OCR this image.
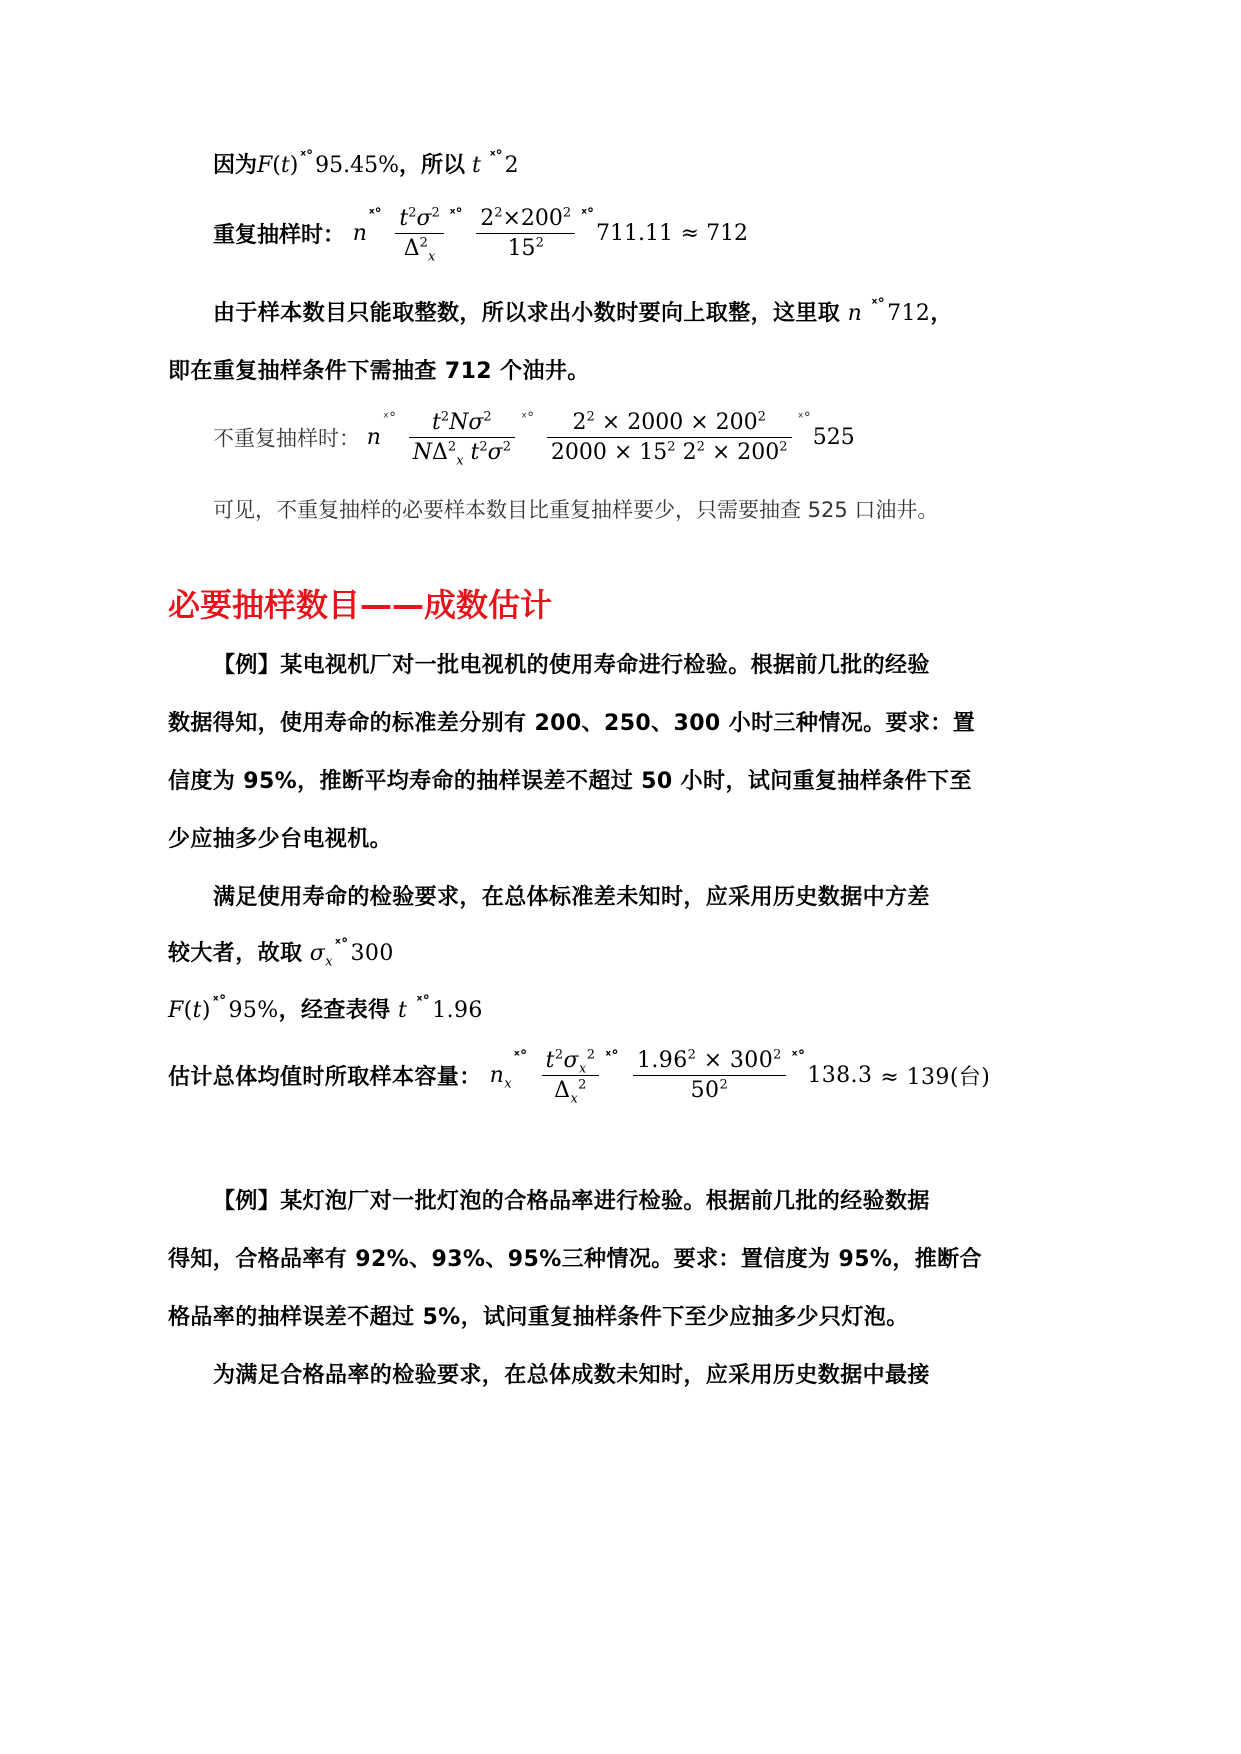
因为F(t) $^{ˣ^\circ}$95.45%，所以 t $^{ˣ^\circ}$2
重复抽样时： $n^{ˣ^\circ} \frac{t^2\sigma^2}{\Delta^2_x} ^{ˣ^\circ} \frac{2^2\times 200^2}{15^2} ^{ˣ^\circ}711.11 \approx 712$
由于样本数目只能取整数，所以求出小数时要向上取整，这里取 n $^{ˣ^\circ}$712，
即在重复抽样条件下需抽查 712 个油井。
不重复抽样时： $n^{ˣ^\circ} \frac{t^2N\sigma^2}{N\Delta^2_x t^2\sigma^2} ^{ˣ^\circ} \frac{2^2 \times 2000 \times 200^2}{2000 \times 15^2 2^2 \times 200^2} ^{ˣ^\circ}525$
可见，不重复抽样的必要样本数目比重复抽样要少，只需要抽查 525 口油井。
必要抽样数目——成数估计
【例】某电视机厂对一批电视机的使用寿命进行检验。根据前几批的经验
数据得知，使用寿命的标准差分别有 200、250、300 小时三种情况。要求：置
信度为 95%，推断平均寿命的抽样误差不超过 50 小时，试问重复抽样条件下至
少应抽多少台电视机。
满足使用寿命的检验要求，在总体标准差未知时，应采用历史数据中方差
较大者，故取 $\sigma_x^{ˣ^\circ}300$
F(t) $^{ˣ^\circ}$95%，经查表得 t $^{ˣ^\circ}$1.96
估计总体均值时所取样本容量： $n_x^{ˣ^\circ} \frac{t^2\sigma_x^2}{\Delta_x^2} ^{ˣ^\circ} \frac{1.96^2 \times 300^2}{50^2} ^{ˣ^\circ}138.3 \approx 139$(台)
【例】某灯泡厂对一批灯泡的合格品率进行检验。根据前几批的经验数据
得知，合格品率有 92%、93%、95%三种情况。要求：置信度为 95%，推断合
格品率的抽样误差不超过 5%，试问重复抽样条件下至少应抽多少只灯泡。
为满足合格品率的检验要求，在总体成数未知时，应采用历史数据中最接
